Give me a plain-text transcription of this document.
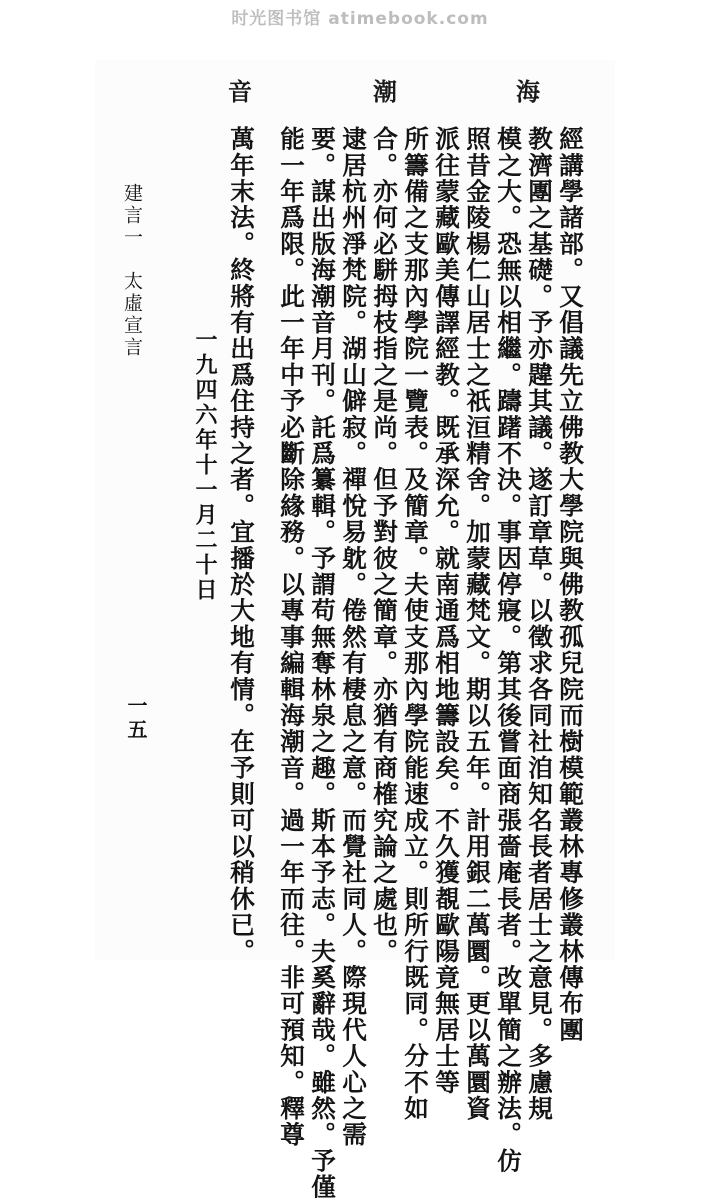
时光图书馆 atimebook.com
海
潮
音
經講學諸部。又倡議先立佛教大學院與佛教孤兒院而樹模範叢林專修叢林傳布團
教濟團之基礎。予亦韙其議。遂訂章草。以徵求各同社洎知名長者居士之意見。多慮規
模之大。恐無以相繼。躊躇不決。事因停寢。第其後嘗面商張嗇庵長者。改單簡之辦法。仿
照昔金陵楊仁山居士之祇洹精舍。加蒙藏梵文。期以五年。計用銀二萬圜。更以萬圜資
派往蒙藏歐美傳譯經教。既承深允。就南通爲相地籌設矣。不久獲覩歐陽竟無居士等
所籌備之支那內學院一覽表。及簡章。夫使支那內學院能速成立。則所行既同。分不如
合。亦何必駢拇枝指之是尚。但予對彼之簡章。亦猶有商榷究論之處也。
逮居杭州淨梵院。湖山僻寂。禪悅易躭。倦然有棲息之意。而覺社同人。際現代人心之需
要。謀出版海潮音月刊。託爲纂輯。予謂苟無奪林泉之趣。斯本予志。夫奚辭哉。雖然。予僅
能一年爲限。此一年中予必斷除緣務。以專事編輯海潮音。過一年而往。非可預知。釋尊
萬年末法。終將有出爲住持之者。宜播於大地有情。在予則可以稍休已。
一九四六年十一月二十日
建言一　太虛宣言
一五
